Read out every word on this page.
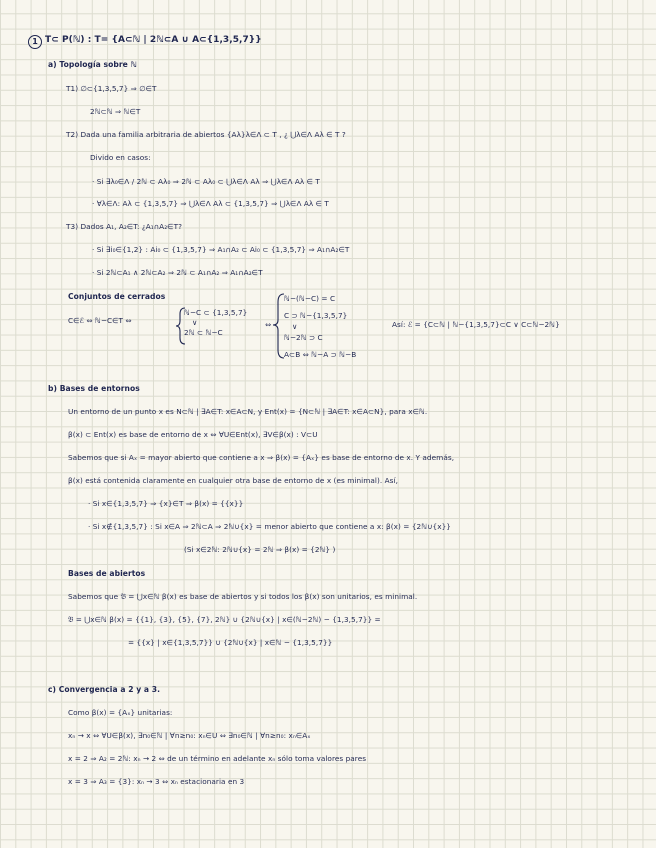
1 T⊂ P(ℕ) : T= {A⊂ℕ | 2ℕ⊂A ∪ A⊂{1,3,5,7}}
a) Topología sobre ℕ
T1) ∅⊂{1,3,5,7} ⇒ ∅∈T
2ℕ⊂ℕ ⇒ ℕ∈T
T2) Dada una familia arbitraria de abiertos {Aλ}λ∈Λ ⊂ T , ¿ ⋃λ∈Λ Aλ ∈ T ?
Divido en casos:
· Si ∃λ₀∈Λ / 2ℕ ⊂ Aλ₀ ⇒ 2ℕ ⊂ Aλ₀ ⊂ ⋃λ∈Λ Aλ ⇒ ⋃λ∈Λ Aλ ∈ T
· ∀λ∈Λ: Aλ ⊂ {1,3,5,7} ⇒ ⋃λ∈Λ Aλ ⊂ {1,3,5,7} ⇒ ⋃λ∈Λ Aλ ∈ T
T3) Dados A₁, A₂∈T: ¿A₁∩A₂∈T?
· Si ∃i₀∈{1,2} : Ai₀ ⊂ {1,3,5,7} ⇒ A₁∩A₂ ⊂ Ai₀ ⊂ {1,3,5,7} ⇒ A₁∩A₂∈T
· Si 2ℕ⊂A₁ ∧ 2ℕ⊂A₂ ⇒ 2ℕ ⊂ A₁∩A₂ ⇒ A₁∩A₂∈T
Conjuntos de cerrados
C∈ℰ ⇔ ℕ−C∈T ⇔
ℕ−C ⊂ {1,3,5,7}
∨
2ℕ ⊂ ℕ−C
⇔
ℕ−(ℕ−C) = C
C ⊃ ℕ−{1,3,5,7}
∨
ℕ−2ℕ ⊃ C
A⊂B ⇔ ℕ−A ⊃ ℕ−B
Así: ℰ = {C⊂ℕ | ℕ−{1,3,5,7}⊂C ∨ C⊂ℕ−2ℕ}
b) Bases de entornos
Un entorno de un punto x es N⊂ℕ | ∃A∈T: x∈A⊂N, y Ent(x) = {N⊂ℕ | ∃A∈T: x∈A⊂N}, para x∈ℕ.
β(x) ⊂ Ent(x) es base de entorno de x ⇔ ∀U∈Ent(x), ∃V∈β(x) : V⊂U
Sabemos que si Aₓ = mayor abierto que contiene a x ⇒ β(x) = {Aₓ} es base de entorno de x. Y además,
β(x) está contenida claramente en cualquier otra base de entorno de x (es minimal). Así,
· Si x∈{1,3,5,7} ⇒ {x}∈T ⇒ β(x) = {{x}}
· Si x∉{1,3,5,7} : Si x∈A ⇒ 2ℕ⊂A ⇒ 2ℕ∪{x} = menor abierto que contiene a x: β(x) = {2ℕ∪{x}}
(Si x∈2ℕ: 2ℕ∪{x} = 2ℕ ⇒ β(x) = {2ℕ} )
Bases de abiertos
Sabemos que 𝔅 = ⋃x∈ℕ β(x) es base de abiertos y si todos los β(x) son unitarios, es minimal.
𝔅 = ⋃x∈ℕ β(x) = {{1}, {3}, {5}, {7}, 2ℕ} ∪ {2ℕ∪{x} | x∈(ℕ−2ℕ) − {1,3,5,7}} =
= {{x} | x∈{1,3,5,7}} ∪ {2ℕ∪{x} | x∈ℕ − {1,3,5,7}}
c) Convergencia a 2 y a 3.
Como β(x) = {Aₓ} unitarias:
xₙ → x ⇔ ∀U∈β(x), ∃n₀∈ℕ | ∀n≥n₀: xₙ∈U ⇔ ∃n₀∈ℕ | ∀n≥n₀: xₙ∈Aₓ
x = 2 ⇒ A₂ = 2ℕ: xₙ → 2 ⇔ de un término en adelante xₙ sólo toma valores pares
x = 3 ⇒ A₃ = {3}: xₙ → 3 ⇔ xₙ estacionaria en 3
